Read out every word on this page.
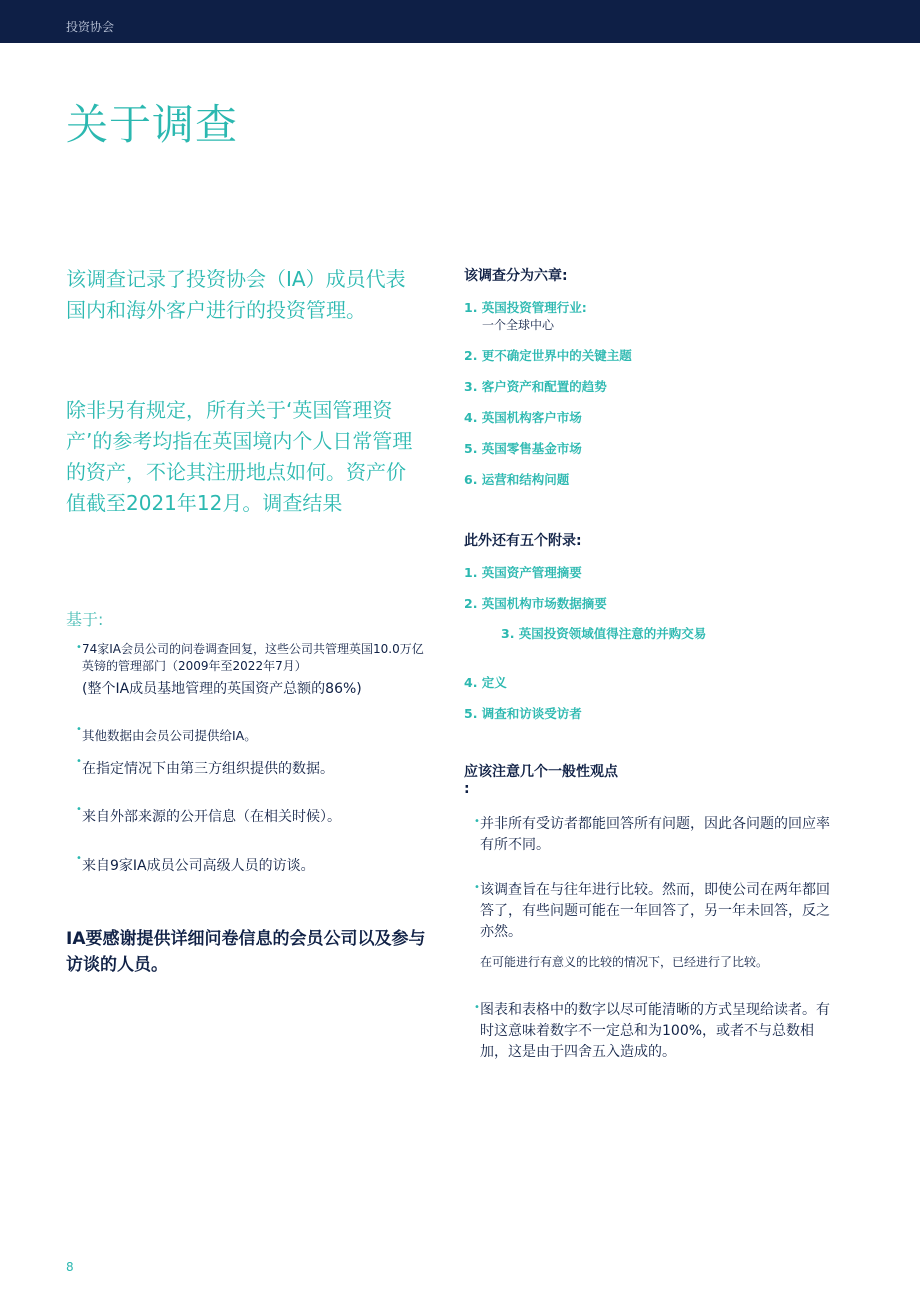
投资协会
关于调查

该调查记录了投资协会（IA）成员代表国内和海外客户进行的投资管理。

除非另有规定，所有关于‘英国管理资产’的参考均指在英国境内个人日常管理的资产，不论其注册地点如何。资产价值截至2021年12月。调查结果

基于:
• 74家IA会员公司的问卷调查回复，这些公司共管理英国10.0万亿
英镑的管理部门（2009年至2022年7月）
(整个IA成员基地管理的英国资产总额的86%)
• 其他数据由会员公司提供给IA。
• 在指定情况下由第三方组织提供的数据。
• 来自外部来源的公开信息（在相关时候）。
• 来自9家IA成员公司高级人员的访谈。

IA要感谢提供详细问卷信息的会员公司以及参与访谈的人员。

该调查分为六章:
1. 英国投资管理行业:
一个全球中心
2. 更不确定世界中的关键主题
3. 客户资产和配置的趋势
4. 英国机构客户市场
5. 英国零售基金市场
6. 运营和结构问题
此外还有五个附录:
1. 英国资产管理摘要
2. 英国机构市场数据摘要
3. 英国投资领域值得注意的并购交易
4. 定义
5. 调查和访谈受访者
应该注意几个一般性观点
:
• 并非所有受访者都能回答所有问题，因此各问题的回应率有所不同。
• 该调查旨在与往年进行比较。然而，即使公司在两年都回答了，有些问题可能在一年回答了，另一年未回答，反之亦然。
在可能进行有意义的比较的情况下，已经进行了比较。
• 图表和表格中的数字以尽可能清晰的方式呈现给读者。有时这意味着数字不一定总和为100%，或者不与总数相加，这是由于四舍五入造成的。
8
